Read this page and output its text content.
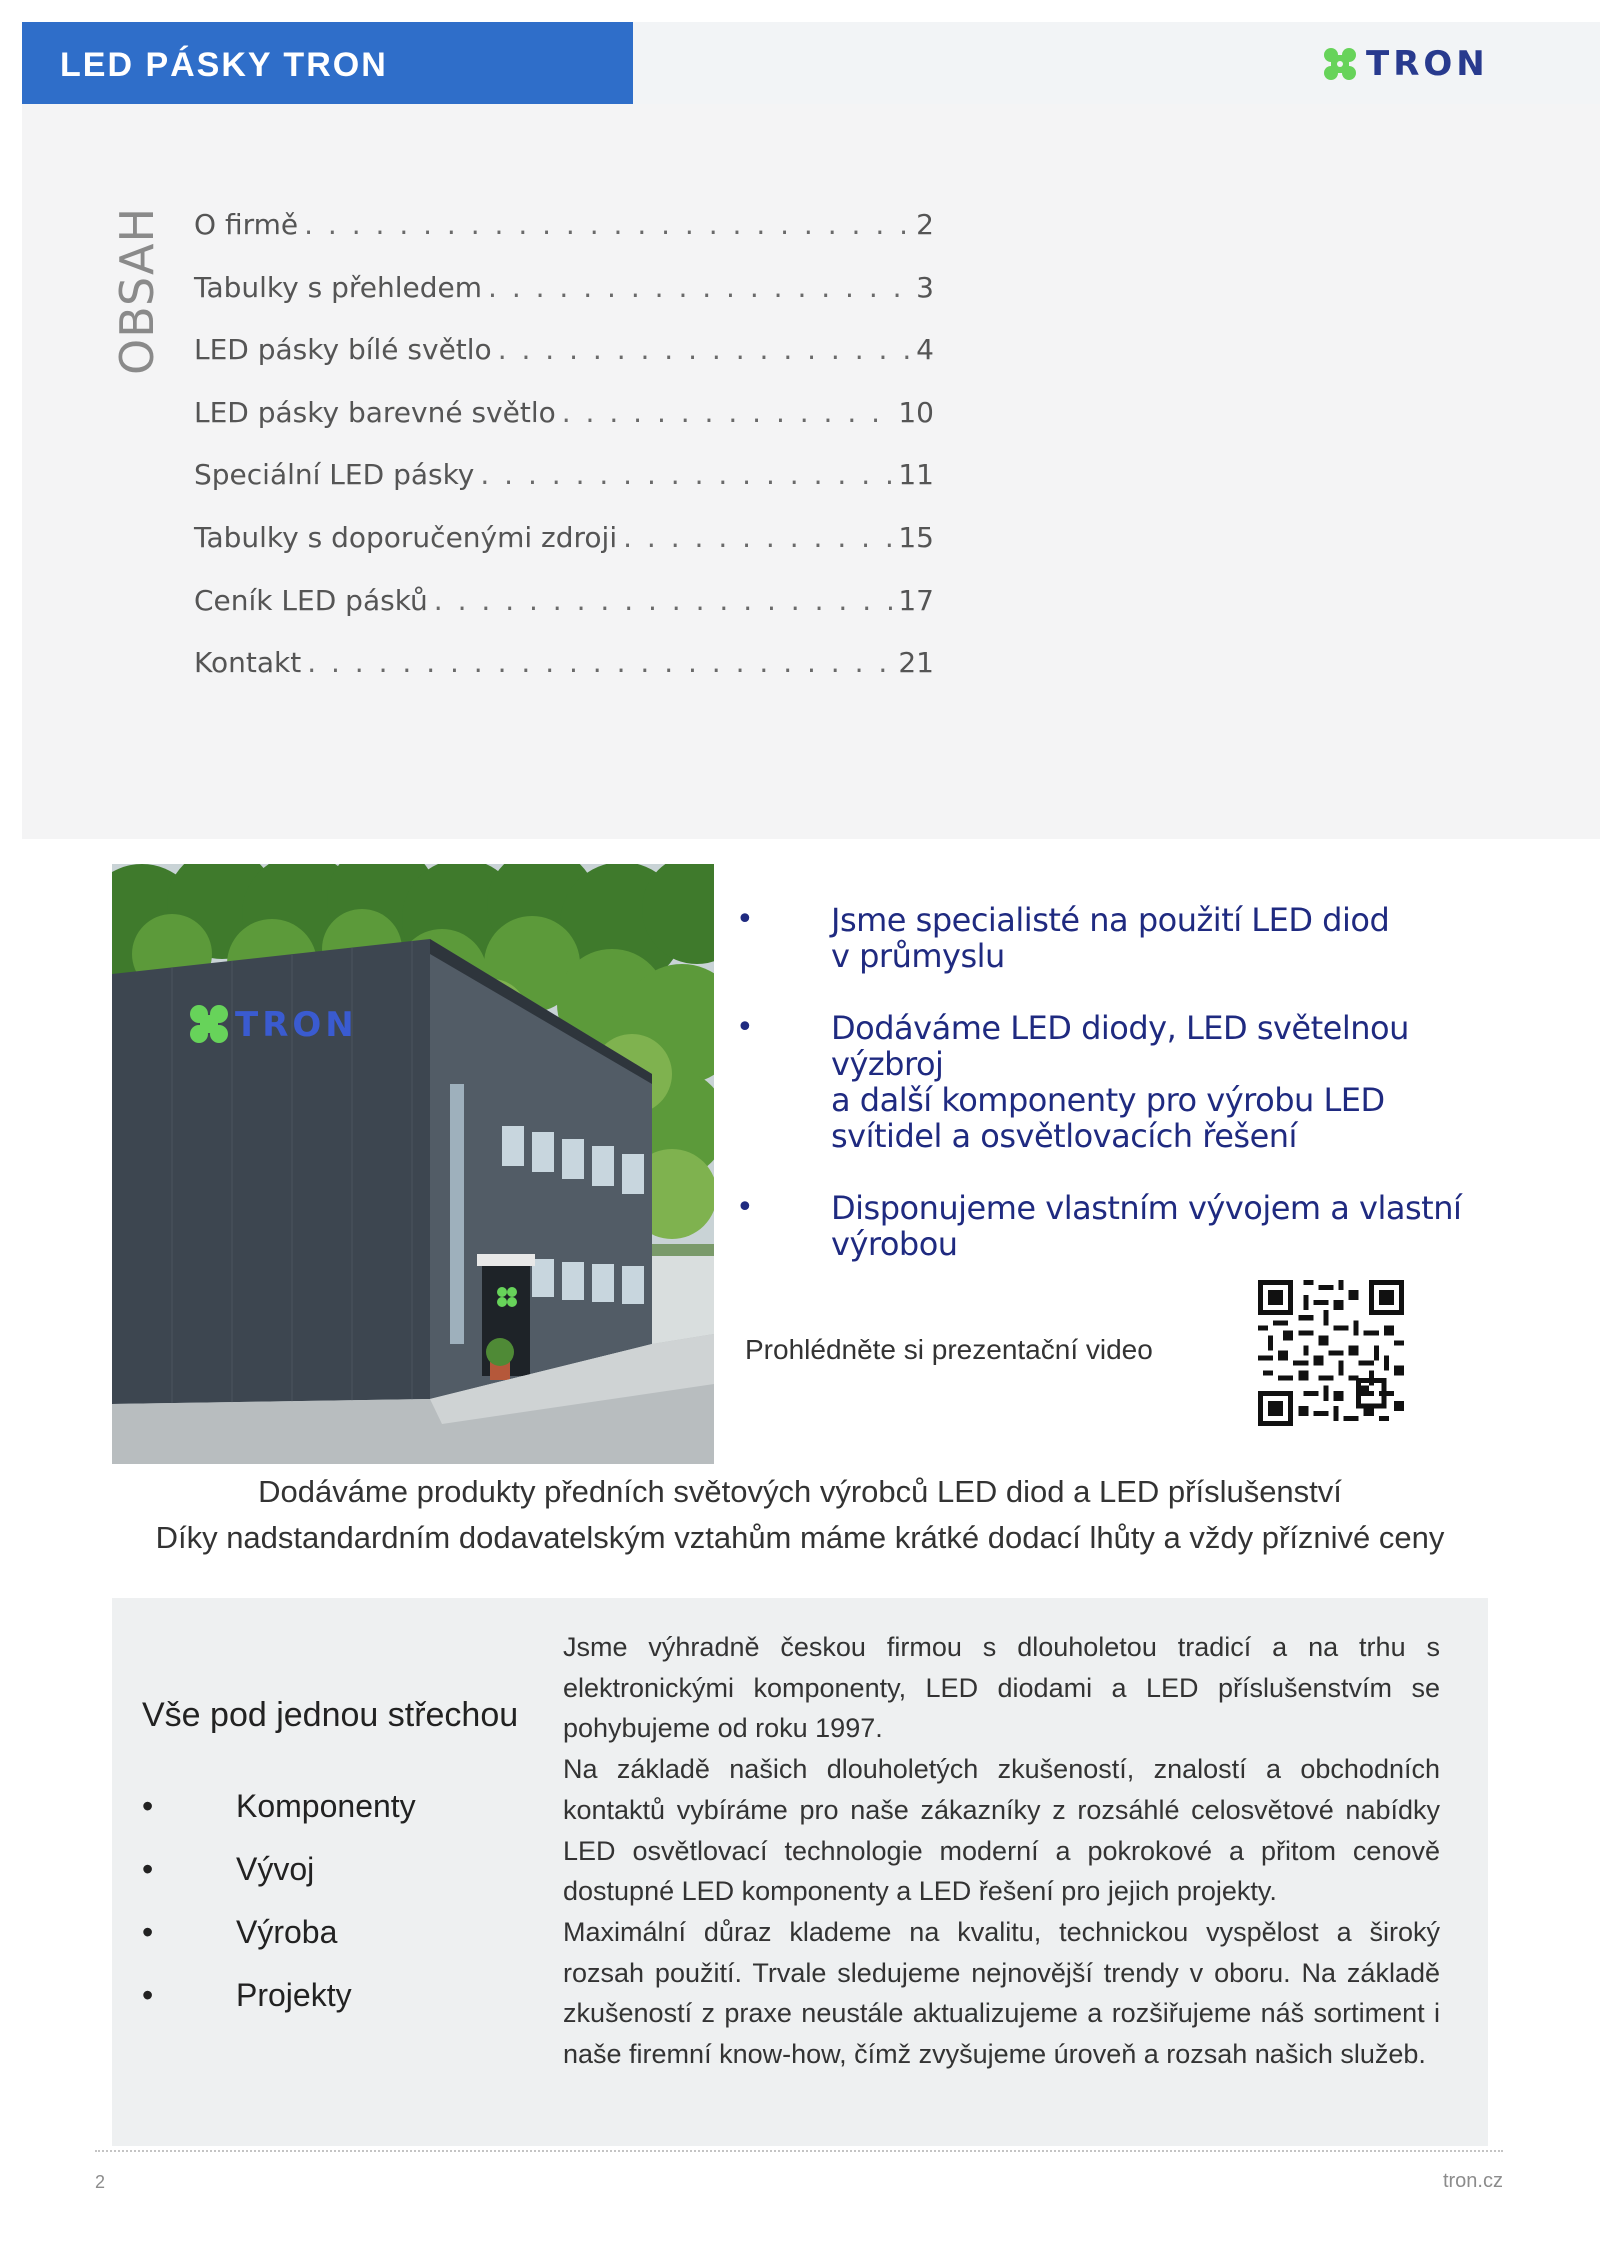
LED PÁSKY TRON	TRON
O firmě . . .	2
Tabulky s přehledem . . .	3
LED pásky bílé světlo . . .	4
LED pásky barevné světlo . . .	10
Speciální LED pásky . . .	11
Tabulky s doporučenými zdroji . . .	15
Ceník LED pásků . . .	17
Kontakt . . .	21
TRON
•	Jsme specialisté na použití LED diod
v průmyslu
•	Dodáváme LED diody, LED světelnou výzbroj
a další komponenty pro výrobu LED
svítidel a osvětlovacích řešení
•	Disponujeme vlastním vývojem a vlastní
výrobou
Prohlédněte si prezentační video
Dodáváme produkty předních světových výrobců LED diod a LED příslušenství
Díky nadstandardním dodavatelským vztahům máme krátké dodací lhůty a vždy příznivé ceny
Vše pod jednou střechou
•	Komponenty
•	Vývoj
•	Výroba
•	Projekty
Jsme výhradně českou firmou s dlouholetou tradicí a na trhu s elektronickými komponenty, LED diodami a LED příslušenstvím se pohybujeme od roku 1997.
Na základě našich dlouholetých zkušeností, znalostí a obchodních kontaktů vybíráme pro naše zákazníky z rozsáhlé celosvětové nabídky LED osvětlovací technologie moderní a pokrokové a přitom cenově dostupné LED komponenty a LED řešení pro jejich projekty.
Maximální důraz klademe na kvalitu, technickou vyspělost a široký rozsah použití. Trvale sledujeme nejnovější trendy v oboru. Na základě zkušeností z praxe neustále aktualizujeme a rozšiřujeme náš sortiment i naše firemní know-how, čímž zvyšujeme úroveň a rozsah našich služeb.
2	tron.cz
